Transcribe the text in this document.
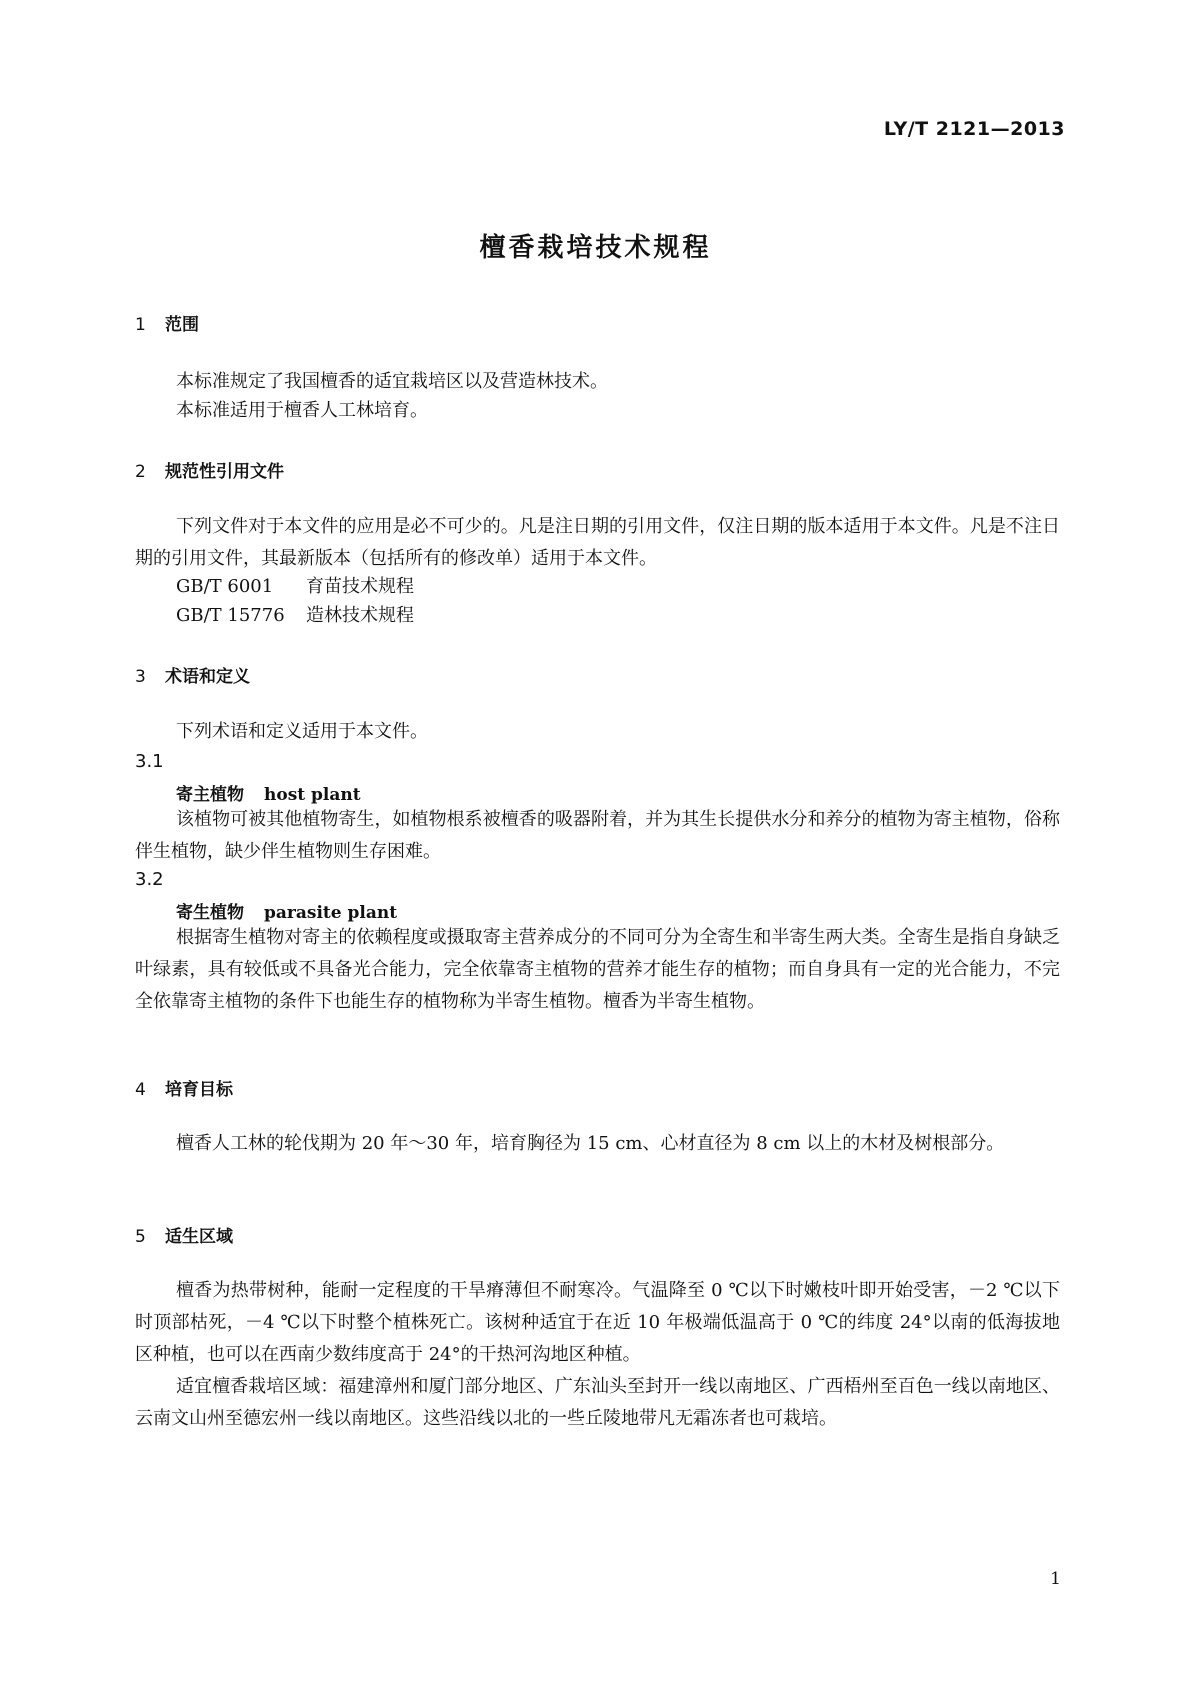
LY/T 2121—2013
檀香栽培技术规程
1 范围
本标准规定了我国檀香的适宜栽培区以及营造林技术。
本标准适用于檀香人工林培育。
2 规范性引用文件
下列文件对于本文件的应用是必不可少的。凡是注日期的引用文件，仅注日期的版本适用于本文件。凡是不注日期的引用文件，其最新版本（包括所有的修改单）适用于本文件。
GB/T 6001 育苗技术规程
GB/T 15776 造林技术规程
3 术语和定义
下列术语和定义适用于本文件。
3.1
寄主植物 host plant
该植物可被其他植物寄生，如植物根系被檀香的吸器附着，并为其生长提供水分和养分的植物为寄主植物，俗称伴生植物，缺少伴生植物则生存困难。
3.2
寄生植物 parasite plant
根据寄生植物对寄主的依赖程度或摄取寄主营养成分的不同可分为全寄生和半寄生两大类。全寄生是指自身缺乏叶绿素，具有较低或不具备光合能力，完全依靠寄主植物的营养才能生存的植物；而自身具有一定的光合能力，不完全依靠寄主植物的条件下也能生存的植物称为半寄生植物。檀香为半寄生植物。
4 培育目标
檀香人工林的轮伐期为 20 年～30 年，培育胸径为 15 cm、心材直径为 8 cm 以上的木材及树根部分。
5 适生区域
檀香为热带树种，能耐一定程度的干旱瘠薄但不耐寒冷。气温降至 0 ℃以下时嫩枝叶即开始受害，－2 ℃以下时顶部枯死，－4 ℃以下时整个植株死亡。该树种适宜于在近 10 年极端低温高于 0 ℃的纬度 24°以南的低海拔地区种植，也可以在西南少数纬度高于 24°的干热河沟地区种植。
适宜檀香栽培区域：福建漳州和厦门部分地区、广东汕头至封开一线以南地区、广西梧州至百色一线以南地区、云南文山州至德宏州一线以南地区。这些沿线以北的一些丘陵地带凡无霜冻者也可栽培。
1
